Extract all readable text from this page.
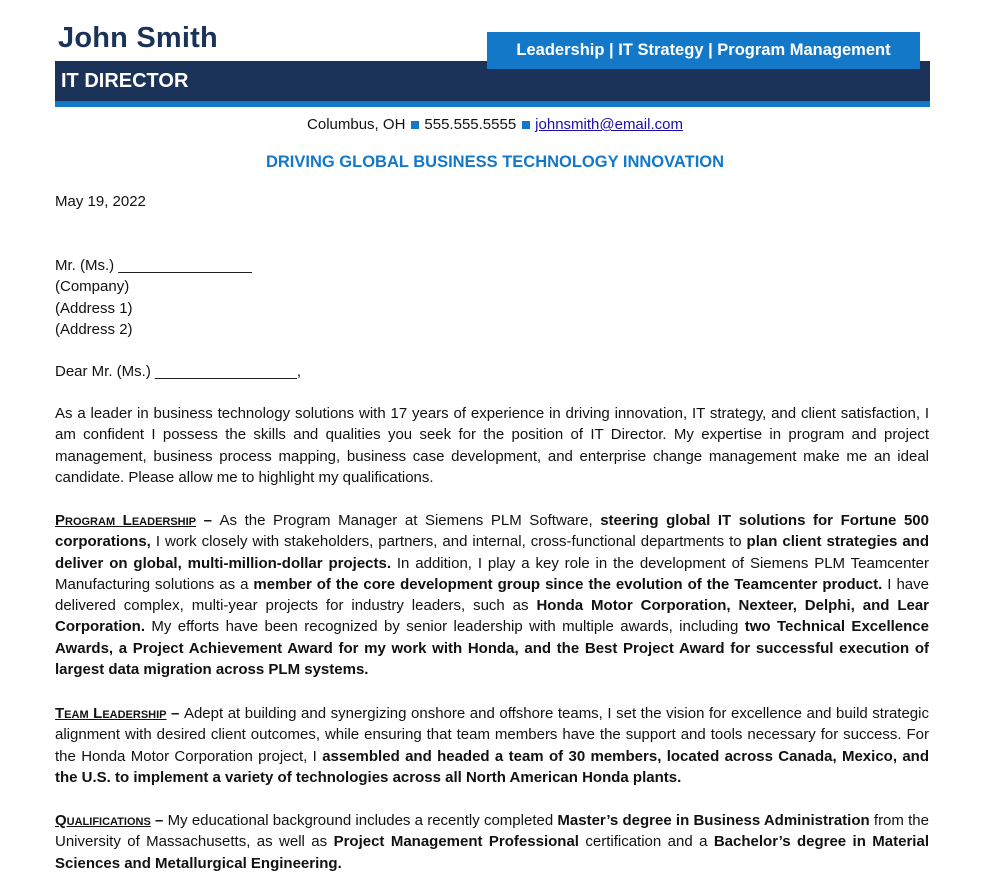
John Smith
IT DIRECTOR
Leadership | IT Strategy | Program Management
Columbus, OH 555.555.5555 johnsmith@email.com
DRIVING GLOBAL BUSINESS TECHNOLOGY INNOVATION
May 19, 2022
Mr. (Ms.) ________________
(Company)
(Address 1)
(Address 2)
Dear Mr. (Ms.) _________________,
As a leader in business technology solutions with 17 years of experience in driving innovation, IT strategy, and client satisfaction, I am confident I possess the skills and qualities you seek for the position of IT Director. My expertise in program and project management, business process mapping, business case development, and enterprise change management make me an ideal candidate. Please allow me to highlight my qualifications.
Program Leadership – As the Program Manager at Siemens PLM Software, steering global IT solutions for Fortune 500 corporations, I work closely with stakeholders, partners, and internal, cross-functional departments to plan client strategies and deliver on global, multi-million-dollar projects. In addition, I play a key role in the development of Siemens PLM Teamcenter Manufacturing solutions as a member of the core development group since the evolution of the Teamcenter product. I have delivered complex, multi-year projects for industry leaders, such as Honda Motor Corporation, Nexteer, Delphi, and Lear Corporation. My efforts have been recognized by senior leadership with multiple awards, including two Technical Excellence Awards, a Project Achievement Award for my work with Honda, and the Best Project Award for successful execution of largest data migration across PLM systems.
Team Leadership – Adept at building and synergizing onshore and offshore teams, I set the vision for excellence and build strategic alignment with desired client outcomes, while ensuring that team members have the support and tools necessary for success. For the Honda Motor Corporation project, I assembled and headed a team of 30 members, located across Canada, Mexico, and the U.S. to implement a variety of technologies across all North American Honda plants.
Qualifications – My educational background includes a recently completed Master’s degree in Business Administration from the University of Massachusetts, as well as Project Management Professional certification and a Bachelor’s degree in Material Sciences and Metallurgical Engineering.
